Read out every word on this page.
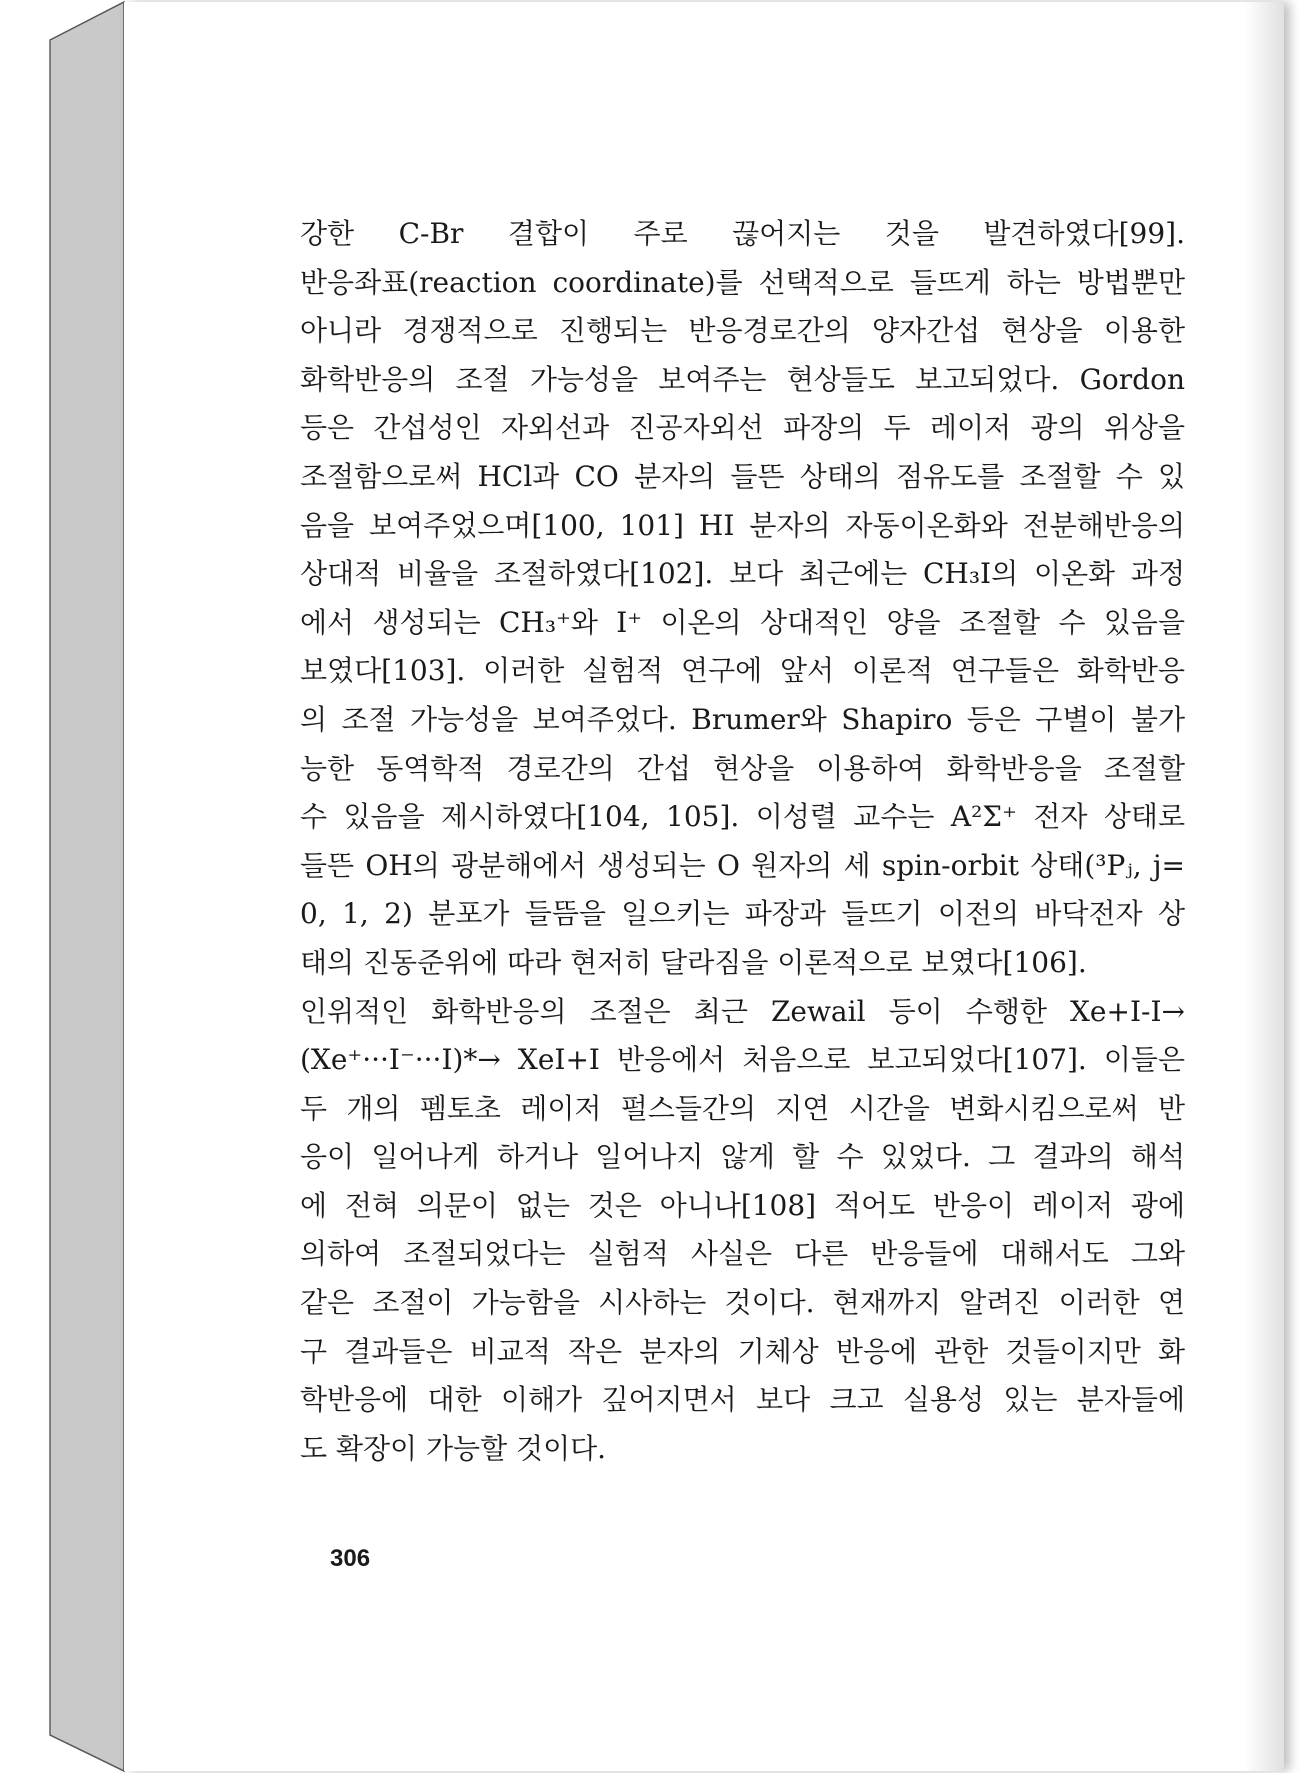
강한 C-Br 결합이 주로 끊어지는 것을 발견하였다[99].
반응좌표(reaction coordinate)를 선택적으로 들뜨게 하는 방법뿐만
아니라 경쟁적으로 진행되는 반응경로간의 양자간섭 현상을 이용한
화학반응의 조절 가능성을 보여주는 현상들도 보고되었다. Gordon
등은 간섭성인 자외선과 진공자외선 파장의 두 레이저 광의 위상을
조절함으로써 HCl과 CO 분자의 들뜬 상태의 점유도를 조절할 수 있
음을 보여주었으며[100, 101] HI 분자의 자동이온화와 전분해반응의
상대적 비율을 조절하였다[102]. 보다 최근에는 CH₃I의 이온화 과정
에서 생성되는 CH₃⁺와 I⁺ 이온의 상대적인 양을 조절할 수 있음을
보였다[103]. 이러한 실험적 연구에 앞서 이론적 연구들은 화학반응
의 조절 가능성을 보여주었다. Brumer와 Shapiro 등은 구별이 불가
능한 동역학적 경로간의 간섭 현상을 이용하여 화학반응을 조절할
수 있음을 제시하였다[104, 105]. 이성렬 교수는 A²Σ⁺ 전자 상태로
들뜬 OH의 광분해에서 생성되는 O 원자의 세 spin-orbit 상태(³Pⱼ, j=
0, 1, 2) 분포가 들뜸을 일으키는 파장과 들뜨기 이전의 바닥전자 상
태의 진동준위에 따라 현저히 달라짐을 이론적으로 보였다[106].
인위적인 화학반응의 조절은 최근 Zewail 등이 수행한 Xe+I-I→
(Xe⁺···I⁻···I)*→ XeI+I 반응에서 처음으로 보고되었다[107]. 이들은
두 개의 펨토초 레이저 펄스들간의 지연 시간을 변화시킴으로써 반
응이 일어나게 하거나 일어나지 않게 할 수 있었다. 그 결과의 해석
에 전혀 의문이 없는 것은 아니나[108] 적어도 반응이 레이저 광에
의하여 조절되었다는 실험적 사실은 다른 반응들에 대해서도 그와
같은 조절이 가능함을 시사하는 것이다. 현재까지 알려진 이러한 연
구 결과들은 비교적 작은 분자의 기체상 반응에 관한 것들이지만 화
학반응에 대한 이해가 깊어지면서 보다 크고 실용성 있는 분자들에
도 확장이 가능할 것이다.
306
